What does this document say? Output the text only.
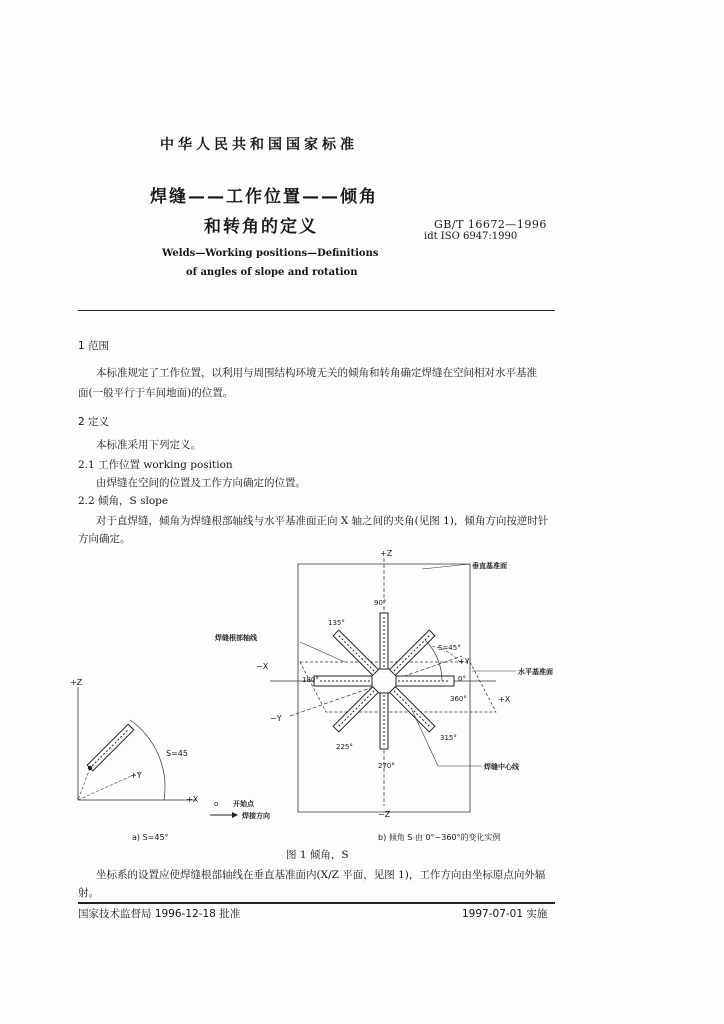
中华人民共和国国家标准
焊缝——工作位置——倾角
和转角的定义	GB/T 16672—1996
idt ISO 6947:1990
Welds—Working positions—Definitions
of angles of slope and rotation
1 范围
本标准规定了工作位置，以利用与周围结构环境无关的倾角和转角确定焊缝在空间相对水平基准
面(一般平行于车间地面)的位置。
2 定义
本标准采用下列定义。
2.1 工作位置 working position
由焊缝在空间的位置及工作方向确定的位置。
2.2 倾角，S slope
对于直焊缝，倾角为焊缝根部轴线与水平基准面正向 X 轴之间的夹角(见图 1)，倾角方向按逆时针
方向确定。
+Z
−Z
−X
+X
+Y
−Y
90°
135°
180°
225°
270°
315°
360°
0°
S=45°
垂直基准面
焊缝根部轴线
水平基准面
焊缝中心线
+Z
+X
+Y
S=45
o 开始点
焊接方向
a) S=45°	b) 倾角 S 由 0°~360°的变化实例
图 1 倾角，S
坐标系的设置应使焊缝根部轴线在垂直基准面内(X/Z 平面，见图 1)，工作方向由坐标原点向外辐
射。
国家技术监督局 1996-12-18 批准	1997-07-01 实施
